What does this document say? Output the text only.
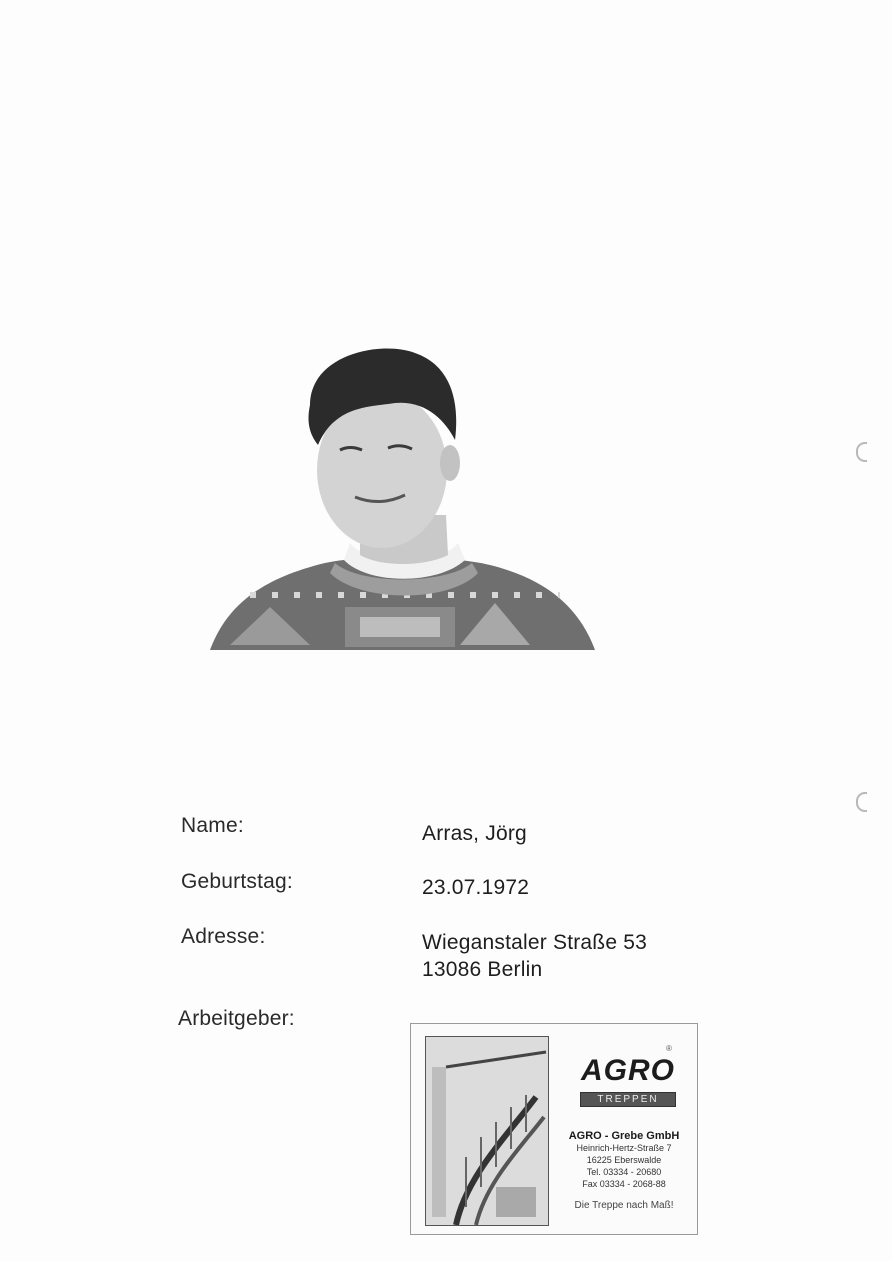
Name:	Arras, Jörg
Geburtstag:	23.07.1972
Adresse:	Wieganstaler Straße 53
13086 Berlin
Arbeitgeber:
®
AGRO
TREPPEN
AGRO - Grebe GmbH
Heinrich-Hertz-Straße 7
16225 Eberswalde
Tel. 03334 - 20680
Fax 03334 - 2068-88
Die Treppe nach Maß!
